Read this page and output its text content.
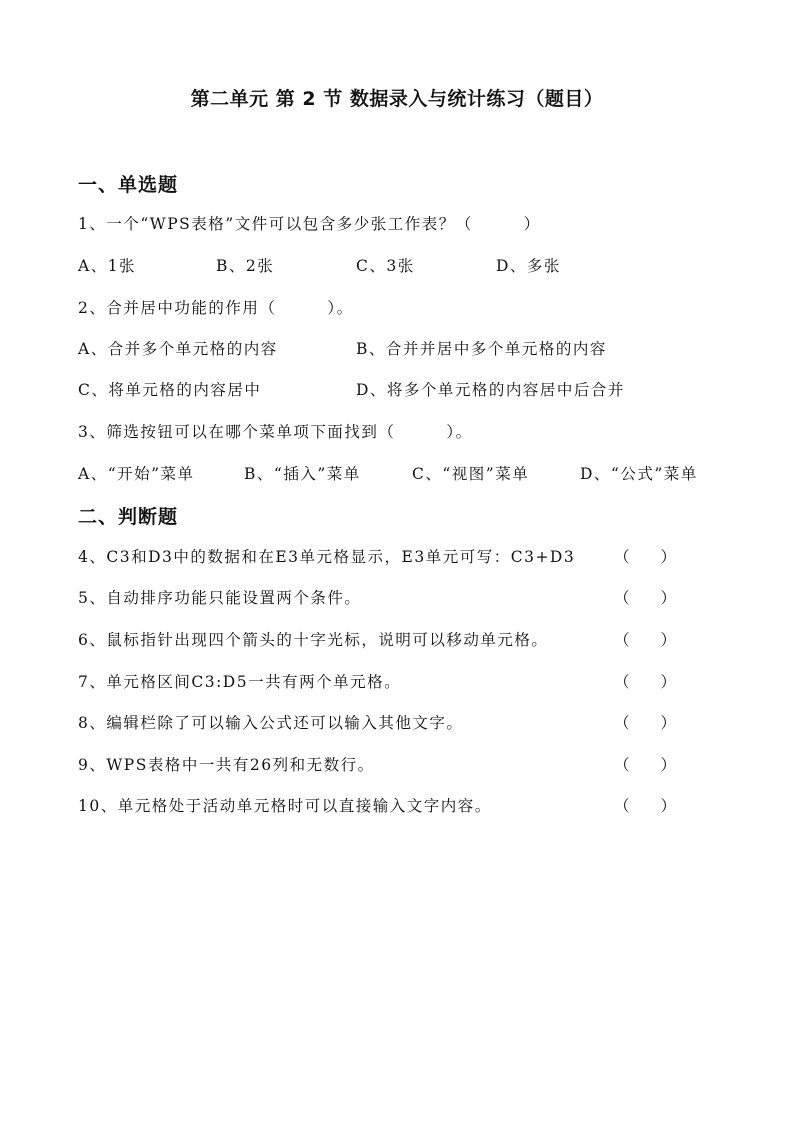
第二单元 第 2 节 数据录入与统计练习（题目）
一、单选题
1、一个“WPS表格”文件可以包含多少张工作表？（　　　）
A、1张	B、2张	C、3张	D、多张
2、合并居中功能的作用（　　　）。
A、合并多个单元格的内容	B、合并并居中多个单元格的内容
C、将单元格的内容居中	D、将多个单元格的内容居中后合并
3、筛选按钮可以在哪个菜单项下面找到（　　　）。
A、“开始”菜单	B、“插入”菜单	C、“视图”菜单	D、“公式”菜单
二、判断题
4、C3和D3中的数据和在E3单元格显示，E3单元可写：C3+D3	（　　）
5、自动排序功能只能设置两个条件。	（　　）
6、鼠标指针出现四个箭头的十字光标，说明可以移动单元格。	（　　）
7、单元格区间C3:D5一共有两个单元格。	（　　）
8、编辑栏除了可以输入公式还可以输入其他文字。	（　　）
9、WPS表格中一共有26列和无数行。	（　　）
10、单元格处于活动单元格时可以直接输入文字内容。	（　　）
